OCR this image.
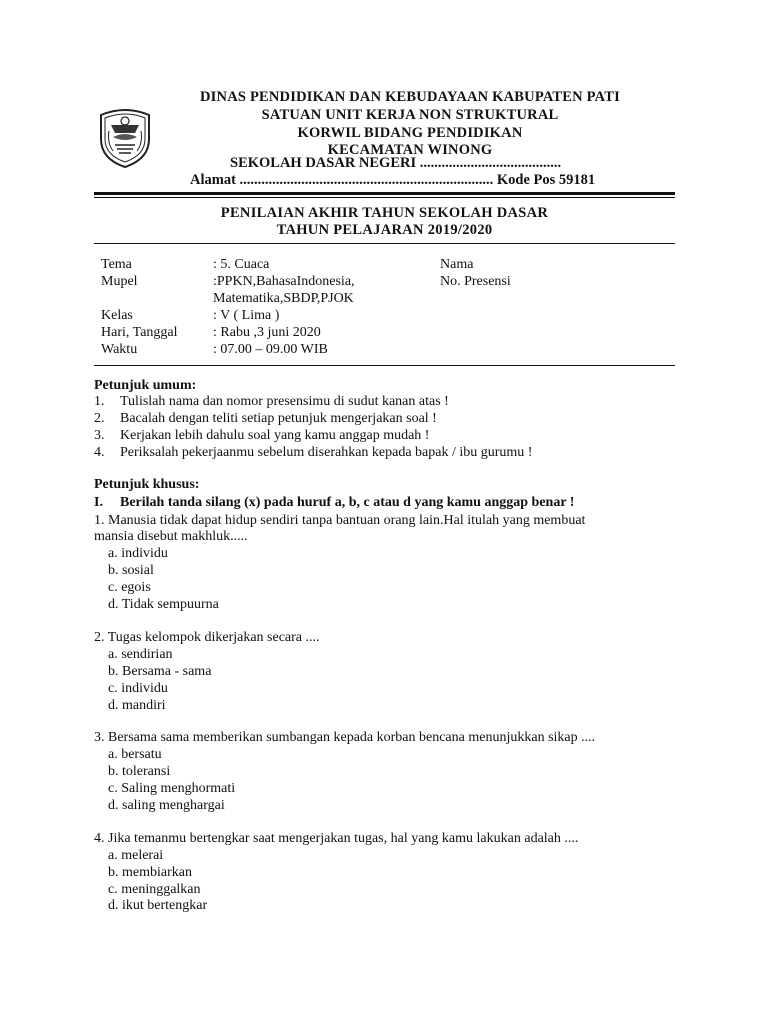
DINAS PENDIDIKAN DAN KEBUDAYAAN KABUPATEN PATI
SATUAN UNIT KERJA NON STRUKTURAL
KORWIL BIDANG PENDIDIKAN
KECAMATAN WINONG
SEKOLAH DASAR NEGERI .......................................
Alamat ...................................................................... Kode Pos 59181
PENILAIAN AKHIR TAHUN SEKOLAH DASAR
TAHUN PELAJARAN 2019/2020
Tema	: 5. Cuaca	Nama
Mupel	:PPKN,BahasaIndonesia,	No. Presensi
Matematika,SBDP,PJOK
Kelas	: V ( Lima )
Hari, Tanggal	: Rabu ,3 juni 2020
Waktu	: 07.00 – 09.00 WIB
Petunjuk umum:
1. Tulislah nama dan nomor presensimu di sudut kanan atas !
2. Bacalah dengan teliti setiap petunjuk mengerjakan soal !
3. Kerjakan lebih dahulu soal yang kamu anggap mudah !
4. Periksalah pekerjaanmu sebelum diserahkan kepada bapak / ibu gurumu !
Petunjuk khusus:
I. Berilah tanda silang (x) pada huruf a, b, c atau d yang kamu anggap benar !
1. Manusia tidak dapat hidup sendiri tanpa bantuan orang lain.Hal itulah yang membuat
mansia disebut makhluk.....
a. individu
b. sosial
c. egois
d. Tidak sempuurna
2. Tugas kelompok dikerjakan secara ....
a. sendirian
b. Bersama - sama
c. individu
d. mandiri
3. Bersama sama memberikan sumbangan kepada korban bencana menunjukkan sikap ....
a. bersatu
b. toleransi
c. Saling menghormati
d. saling menghargai
4. Jika temanmu bertengkar saat mengerjakan tugas, hal yang kamu lakukan adalah ....
a. melerai
b. membiarkan
c. meninggalkan
d. ikut bertengkar
